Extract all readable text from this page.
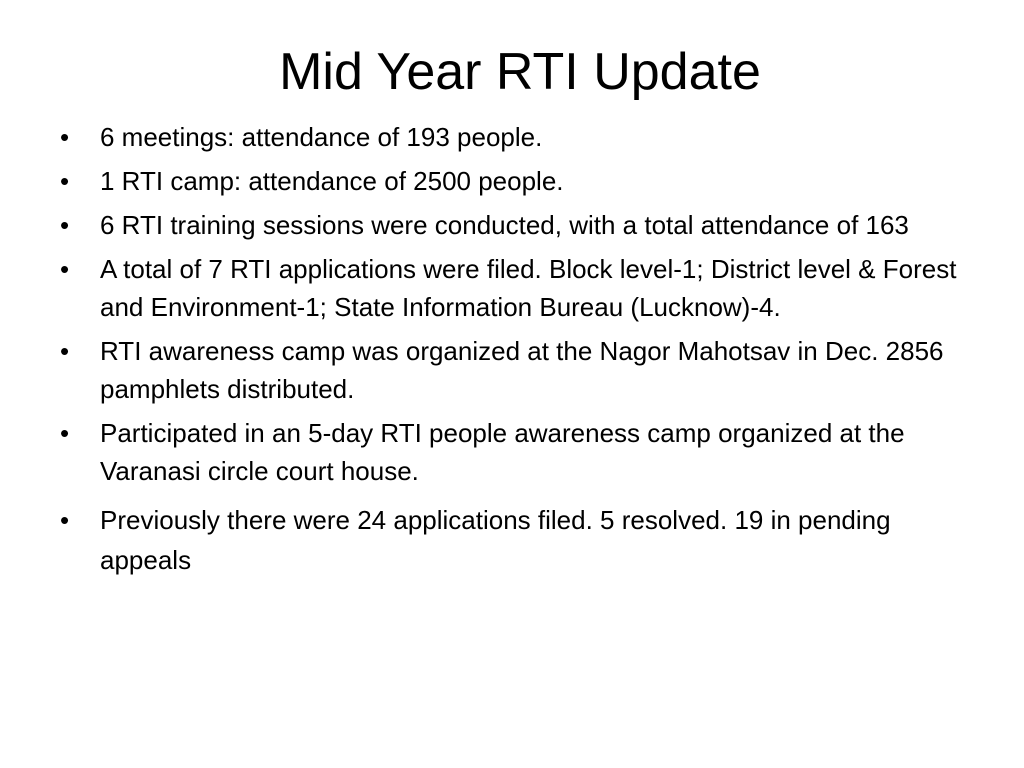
Mid Year RTI Update
•	6 meetings: attendance of 193 people.
•	1 RTI camp: attendance of 2500 people.
•	6 RTI training sessions were conducted, with a total attendance of 163
•	A total of 7 RTI applications were filed. Block level-1; District level & Forest and Environment-1; State Information Bureau (Lucknow)-4.
•	RTI awareness camp was organized at the Nagor Mahotsav in Dec. 2856 pamphlets distributed.
•	Participated in an 5-day RTI people awareness camp organized at the Varanasi circle court house.
•	Previously there were 24 applications filed. 5 resolved. 19 in pending appeals
